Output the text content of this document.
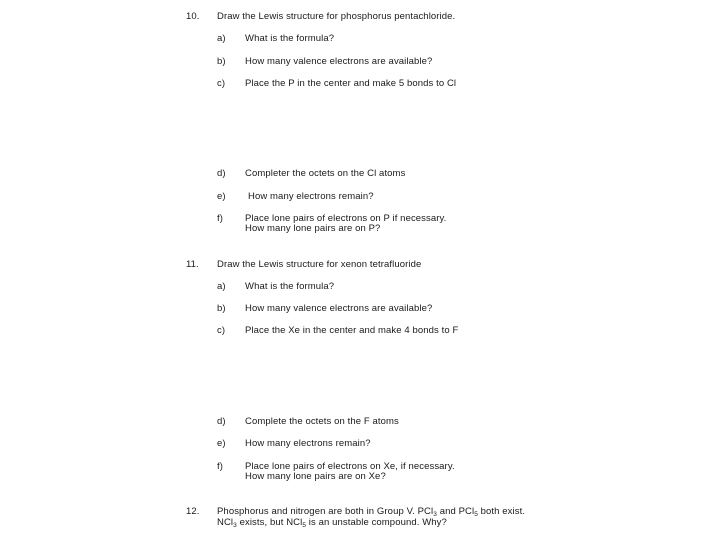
10. Draw the Lewis structure for phosphorus pentachloride.
a) What is the formula?
b) How many valence electrons are available?
c) Place the P in the center and make 5 bonds to Cl
d) Completer the octets on the Cl atoms
e) How many electrons remain?
f) Place lone pairs of electrons on P if necessary.
How many lone pairs are on P?
11. Draw the Lewis structure for xenon tetrafluoride
a) What is the formula?
b) How many valence electrons are available?
c) Place the Xe in the center and make 4 bonds to F
d) Complete the octets on the F atoms
e) How many electrons remain?
f) Place lone pairs of electrons on Xe, if necessary.
How many lone pairs are on Xe?
12. Phosphorus and nitrogen are both in Group V. PCl$_3$ and PCl$_5$ both exist.
NCl$_3$ exists, but NCl$_5$ is an unstable compound. Why?
